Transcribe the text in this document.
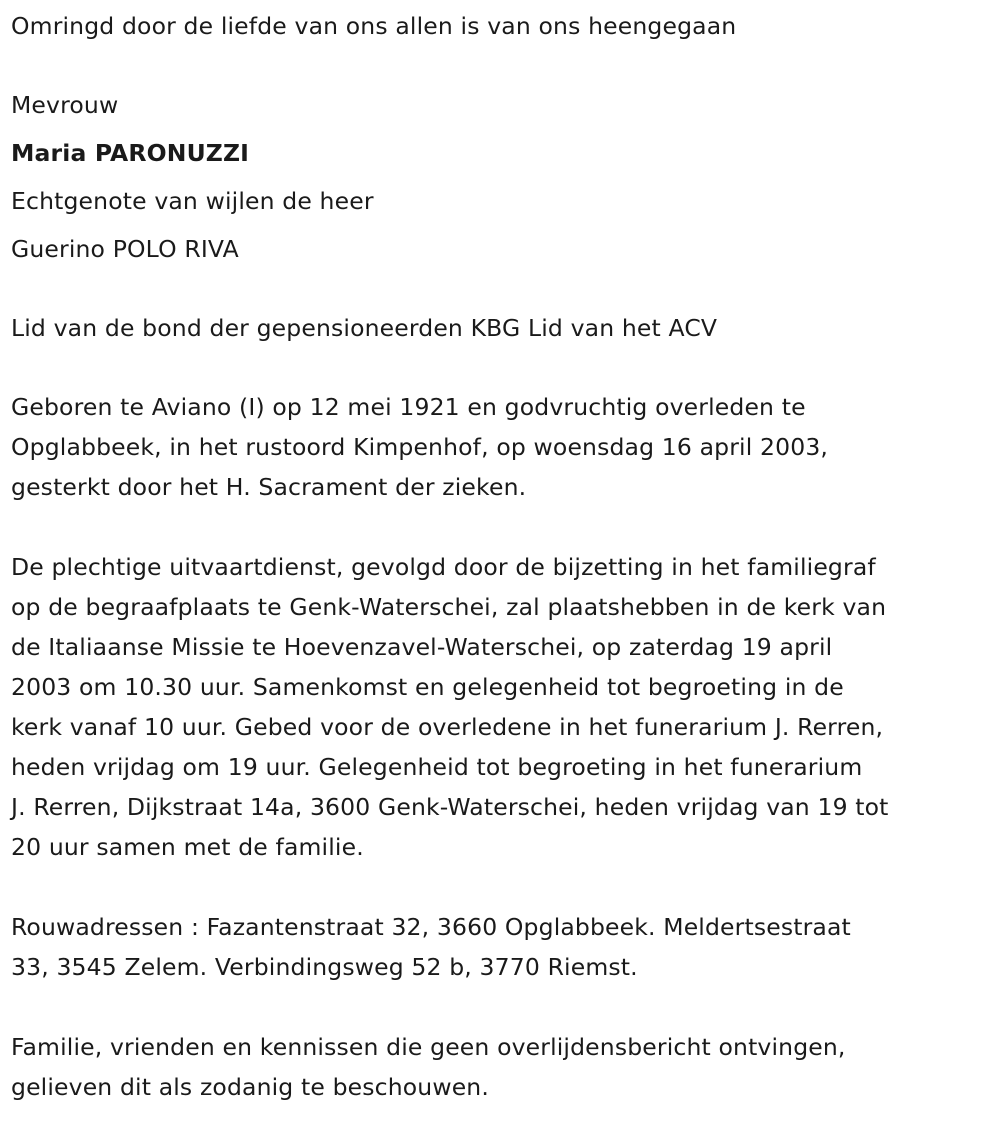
Omringd door de liefde van ons allen is van ons heengegaan
Mevrouw
Maria PARONUZZI
Echtgenote van wijlen de heer
Guerino POLO RIVA

Lid van de bond der gepensioneerden KBG Lid van het ACV

Geboren te Aviano (I) op 12 mei 1921 en godvruchtig overleden te
Opglabbeek, in het rustoord Kimpenhof, op woensdag 16 april 2003,
gesterkt door het H. Sacrament der zieken.

De plechtige uitvaartdienst, gevolgd door de bijzetting in het familiegraf
op de begraafplaats te Genk-Waterschei, zal plaatshebben in de kerk van
de Italiaanse Missie te Hoevenzavel-Waterschei, op zaterdag 19 april
2003 om 10.30 uur. Samenkomst en gelegenheid tot begroeting in de
kerk vanaf 10 uur. Gebed voor de overledene in het funerarium J. Rerren,
heden vrijdag om 19 uur. Gelegenheid tot begroeting in het funerarium
J. Rerren, Dijkstraat 14a, 3600 Genk-Waterschei, heden vrijdag van 19 tot
20 uur samen met de familie.

Rouwadressen : Fazantenstraat 32, 3660 Opglabbeek. Meldertsestraat
33, 3545 Zelem. Verbindingsweg 52 b, 3770 Riemst.

Familie, vrienden en kennissen die geen overlijdensbericht ontvingen,
gelieven dit als zodanig te beschouwen.
